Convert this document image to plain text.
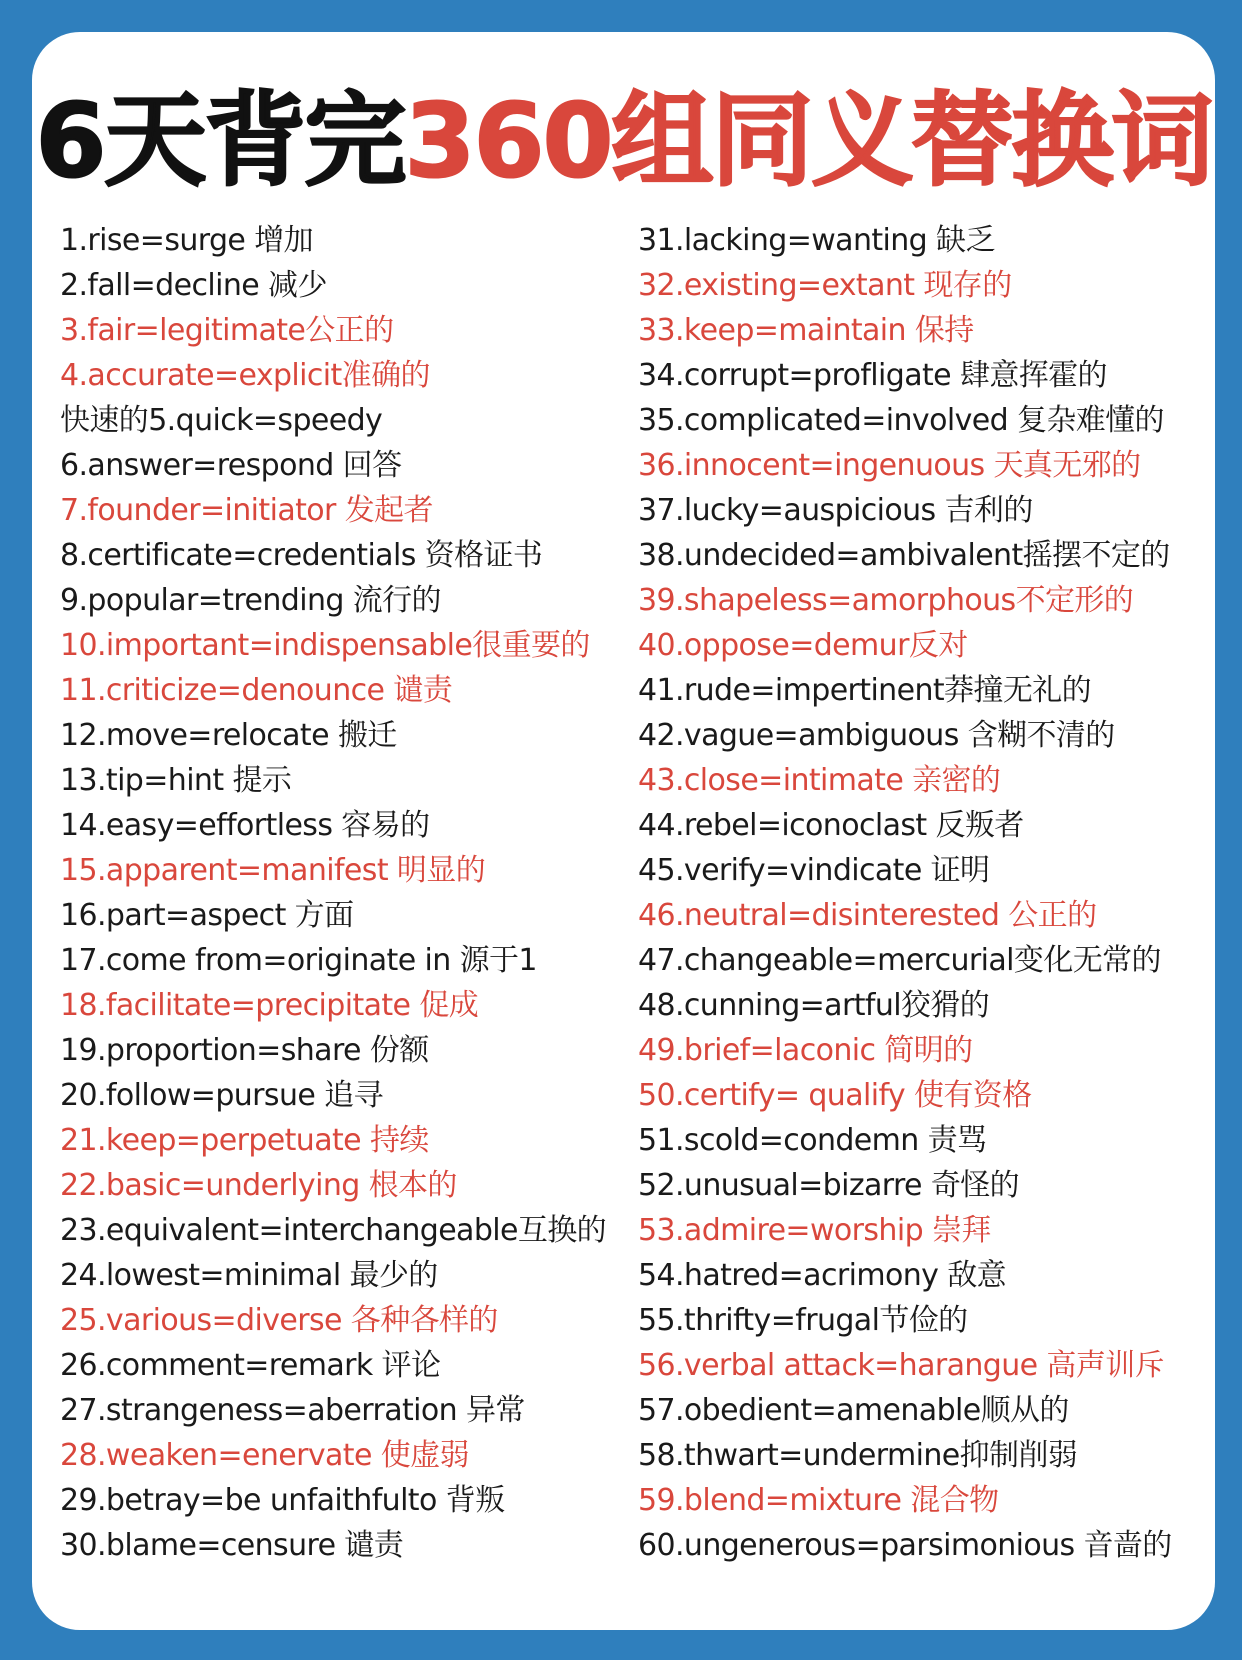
6天背完360组同义替换词
1.rise=surge 增加
2.fall=decline 减少
3.fair=legitimate公正的
4.accurate=explicit准确的
快速的5.quick=speedy
6.answer=respond 回答
7.founder=initiator 发起者
8.certificate=credentials 资格证书
9.popular=trending 流行的
10.important=indispensable很重要的
11.criticize=denounce 谴责
12.move=relocate 搬迁
13.tip=hint 提示
14.easy=effortless 容易的
15.apparent=manifest 明显的
16.part=aspect 方面
17.come from=originate in 源于1
18.facilitate=precipitate 促成
19.proportion=share 份额
20.follow=pursue 追寻
21.keep=perpetuate 持续
22.basic=underlying 根本的
23.equivalent=interchangeable互换的
24.lowest=minimal 最少的
25.various=diverse 各种各样的
26.comment=remark 评论
27.strangeness=aberration 异常
28.weaken=enervate 使虚弱
29.betray=be unfaithfulto 背叛
30.blame=censure 谴责
31.lacking=wanting 缺乏
32.existing=extant 现存的
33.keep=maintain 保持
34.corrupt=profligate 肆意挥霍的
35.complicated=involved 复杂难懂的
36.innocent=ingenuous 天真无邪的
37.lucky=auspicious 吉利的
38.undecided=ambivalent摇摆不定的
39.shapeless=amorphous不定形的
40.oppose=demur反对
41.rude=impertinent莽撞无礼的
42.vague=ambiguous 含糊不清的
43.close=intimate 亲密的
44.rebel=iconoclast 反叛者
45.verify=vindicate 证明
46.neutral=disinterested 公正的
47.changeable=mercurial变化无常的
48.cunning=artful狡猾的
49.brief=laconic 简明的
50.certify= qualify 使有资格
51.scold=condemn 责骂
52.unusual=bizarre 奇怪的
53.admire=worship 崇拜
54.hatred=acrimony 敌意
55.thrifty=frugal节俭的
56.verbal attack=harangue 高声训斥
57.obedient=amenable顺从的
58.thwart=undermine抑制削弱
59.blend=mixture 混合物
60.ungenerous=parsimonious 音啬的
